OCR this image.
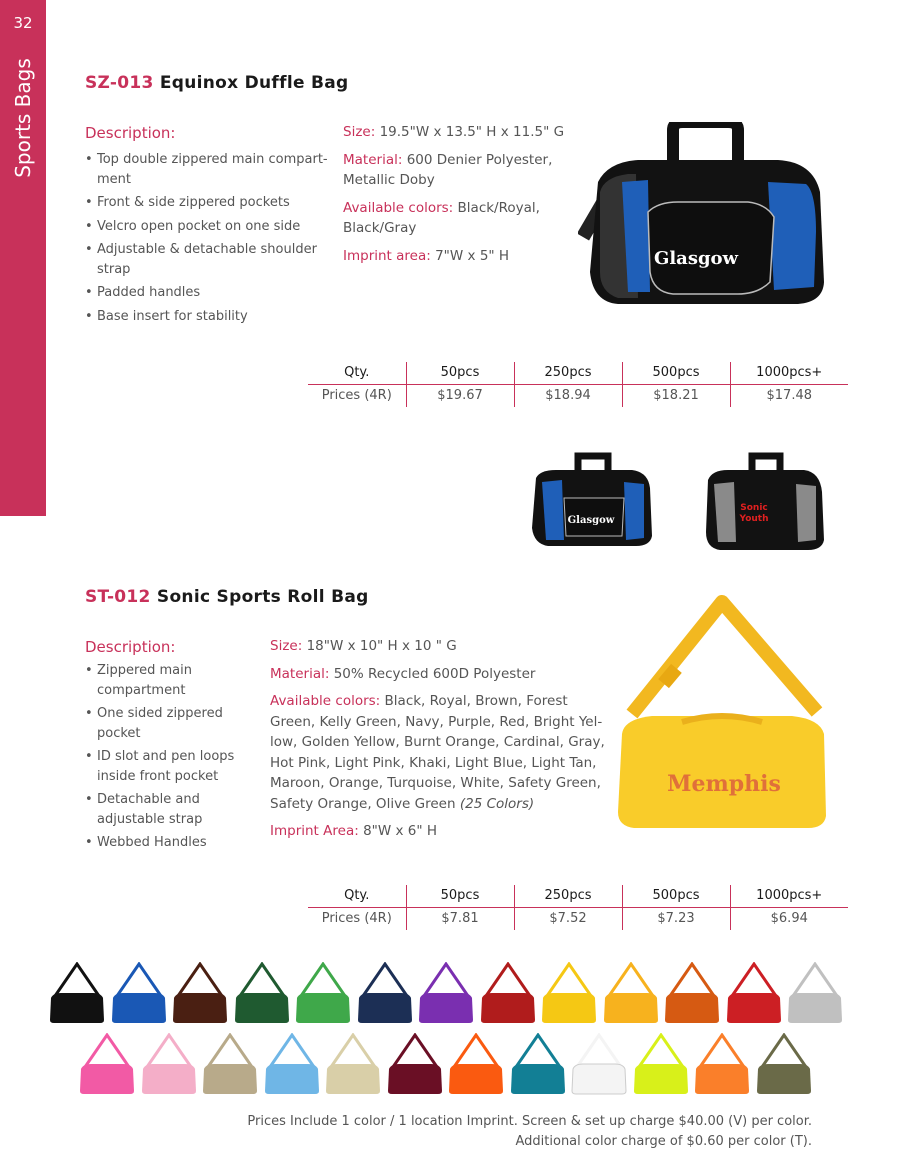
32
Sports Bags	SZ-013 Equinox Duffle Bag
Description:
• Top double zippered main compart-ment
• Front & side zippered pockets
• Velcro open pocket on one side
• Adjustable & detachable shoulder strap
• Padded handles
• Base insert for stability

Size: 19.5"W x 13.5" H x 11.5" G

Material: 600 Denier Polyester, Metallic Doby

Available colors: Black/Royal, Black/Gray

Imprint area: 7"W x 5" H	Glasgow
Qty.	50pcs	250pcs	500pcs	1000pcs+
Prices (4R)	$19.67	$18.94	$18.21	$17.48
Glasgow
Sonic
Youth
ST-012 Sonic Sports Roll Bag
Description:
• Zippered main compartment
• One sided zippered pocket
• ID slot and pen loops inside front pocket
• Detachable and adjustable strap
• Webbed Handles

Size: 18"W x 10" H x 10 " G

Material: 50% Recycled 600D Polyester

Available colors: Black, Royal, Brown, Forest Green, Kelly Green, Navy, Purple, Red, Bright Yel-low, Golden Yellow, Burnt Orange, Cardinal, Gray, Hot Pink, Light Pink, Khaki, Light Blue, Light Tan, Maroon, Orange, Turquoise, White, Safety Green, Safety Orange, Olive Green (25 Colors)

Imprint Area: 8"W x 6" H

Memphis
Qty.	50pcs	250pcs	500pcs	1000pcs+
Prices (4R)	$7.81	$7.52	$7.23	$6.94
Prices Include 1 color / 1 location Imprint. Screen & set up charge $40.00 (V) per color.
Additional color charge of $0.60 per color (T).
